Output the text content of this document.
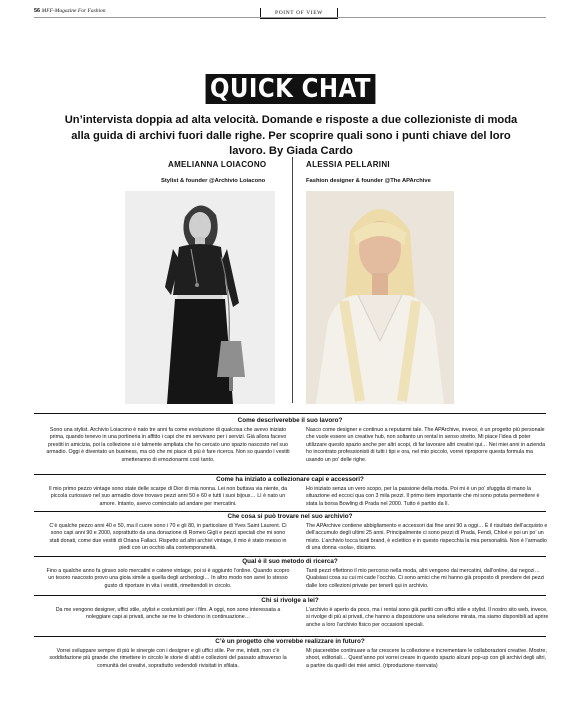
56 MFF-Magazine For Fashion	POINT OF VIEW
QUICK CHAT
Un’intervista doppia ad alta velocità. Domande e risposte a due collezioniste di moda alla guida di archivi fuori dalle righe. Per scoprire quali sono i punti chiave del loro lavoro. By Giada Cardo
AMELIANNA LOIACONO	ALESSIA PELLARINI
Stylist & founder @Archivio Loiacono	Fashion designer & founder @The APArchive
Come descriverebbe il suo lavoro?
Sono una stylist. Archivio Loiacono è nato tre anni fa come evoluzione di qualcosa che avevo iniziato prima, quando tenevo in una portineria in affitto i capi che mi servivano per i servizi. Già allora facevo prestiti in amicizia, poi la collezione si è talmente ampliata che ho cercato uno spazio nascosto nel suo armadio. Oggi è diventato un business, ma ciò che mi piace di più è fare ricerca. Non so quando i vestiti smetteranno di emozionarmi così tanto.
Nasco come designer e continuo a reputarmi tale. The APArchive, invece, è un progetto più personale che vuole essere un creative hub, non soltanto un rental in senso stretto. Mi piace l’idea di poter utilizzare questo spazio anche per altri scopi, di far lavorare altri creativi qui… Nei miei anni in azienda ho incontrato professionisti di tutti i tipi e ora, nel mio piccolo, vorrei riproporre questa formula ma usando un po’ delle righe.
Come ha iniziato a collezionare capi e accessori?
Il mio primo pezzo vintage sono state delle scarpe di Dior di mia nonna. Lei non buttava via niente, da piccola curiosavo nel suo armadio dove trovavo pezzi anni 50 e 60 e tutti i suoi bijoux… Lì è nato un amore. Intanto, avevo cominciato ad andare per mercatini.
Ho iniziato senza un vero scopo, per la passione della moda. Poi mi è un po’ sfuggita di mano la situazione ed eccoci qua con 3 mila pezzi. Il primo item importante che mi sono potuta permettere è stata la borsa Bowling di Prada nel 2000. Tutto è partito da lì.
Che cosa si può trovare nel suo archivio?
C’è qualche pezzo anni 40 e 50, ma il cuore sono i 70 e gli 80, in particolare di Yves Saint Laurent. Ci sono capi anni 90 e 2000, soprattutto da una donazione di Romeo Gigli e pezzi speciali che mi sono stati donati, come due vestiti di Oriana Fallaci. Rispetto ad altri archivi vintage, il mio è stato messo in piedi con un occhio alla contemporaneità.
The APArchive contiene abbigliamento e accessori dai fine anni 90 a oggi… È il risultato dell’acquisto e dell’accumulo degli ultimi 25 anni. Principalmente ci sono pezzi di Prada, Fendi, Chloé e poi un po’ un misto. L’archivio tocca tanti brand, è eclettico e in questo rispecchia la mia personalità. Non è l’armadio di una donna «sola», diciamo.
Qual è il suo metodo di ricerca?
Fino a qualche anno fa giravo solo mercatini e catene vintage, poi si è aggiunto l’online. Quando scopro un tesoro nascosto provo una gioia simile a quella degli archeologi… In altro modo non avrei lo stesso gusto di riportare in vita i vestiti, rimettendoli in circolo.
Tanti pezzi riflettono il mio percorso nella moda, altri vengono dai mercatini, dall’online, dai negozi… Qualsiasi cosa su cui mi cade l’occhio. Ci sono amici che mi hanno già proposto di prendere dei pezzi dalle loro collezioni private per tenerli qui in archivio.
Chi si rivolge a lei?
Da me vengono designer, uffici stile, stylist e costumisti per i film. A oggi, non sono interessata a noleggiare capi ai privati, anche se me lo chiedono in continuazione…
L’archivio è aperto da poco, ma i rental sono già partiti con uffici stile e stylist. Il nostro sito web, invece, si rivolge di più ai privati, che hanno a disposizione una selezione mirata, ma siamo disponibili ad aprire anche a loro l’archivio fisico per occasioni speciali.
C’è un progetto che vorrebbe realizzare in futuro?
Vorrei sviluppare sempre di più le sinergie con i designer e gli uffici stile. Per me, infatti, non c’è soddisfazione più grande che rimettere in circolo le storie di abiti e collezioni del passato attraverso la comunità dei creativi, soprattutto vedendoli rivisitati in sfilata.
Mi piacerebbe continuare a far crescere la collezione e incrementare le collaborazioni creative. Mostre, shoot, editoriali… Quest’anno poi vorrei creare in questo spazio alcuni pop-up con gli archivi degli altri, a partire da quelli dei miei amici. (riproduzione riservata)
